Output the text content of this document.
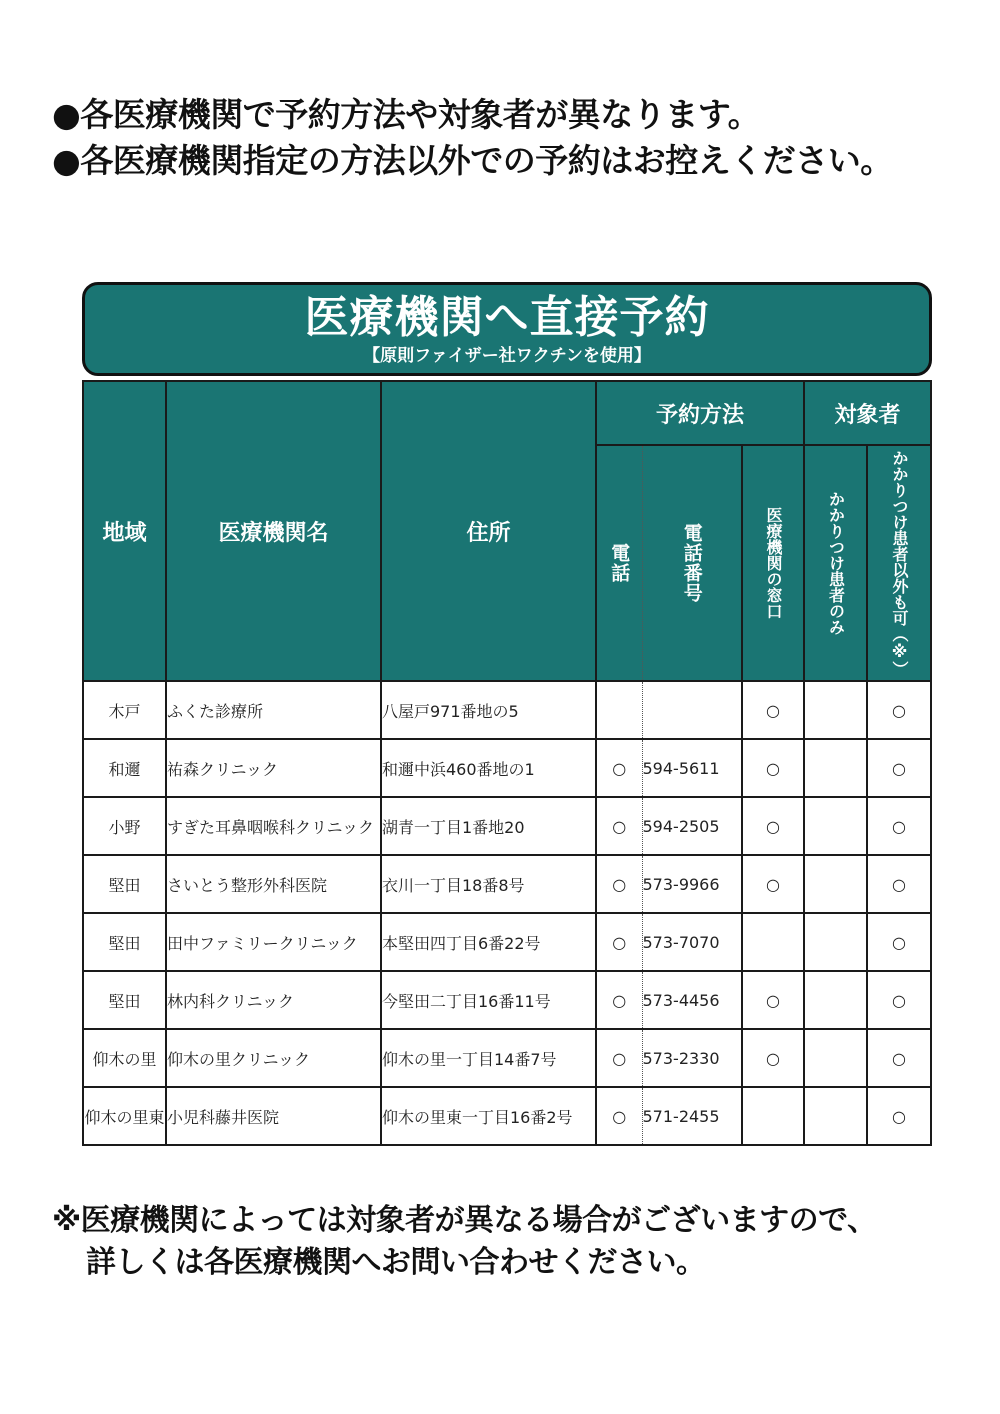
●各医療機関で予約方法や対象者が異なります。

●各医療機関指定の方法以外での予約はお控えください。

医療機関へ直接予約
【原則ファイザー社ワクチンを使用】
地域	医療機関名	住所	予約方法			対象者	
			電話	電話番号	医療機関の窓口	かかりつけ患者のみ	かかりつけ患者以外も可（※）
木戸	ふくた診療所	八屋戸971番地の5			○		○
和邇	祐森クリニック	和邇中浜460番地の1	○	594-5611	○		○
小野	すぎた耳鼻咽喉科クリニック	湖青一丁目1番地20	○	594-2505	○		○
堅田	さいとう整形外科医院	衣川一丁目18番8号	○	573-9966	○		○
堅田	田中ファミリークリニック	本堅田四丁目6番22号	○	573-7070			○
堅田	林内科クリニック	今堅田二丁目16番11号	○	573-4456	○		○
仰木の里	仰木の里クリニック	仰木の里一丁目14番7号	○	573-2330	○		○
仰木の里東	小児科藤井医院	仰木の里東一丁目16番2号	○	571-2455			○

※医療機関によっては対象者が異なる場合がございますので、

詳しくは各医療機関へお問い合わせください。
